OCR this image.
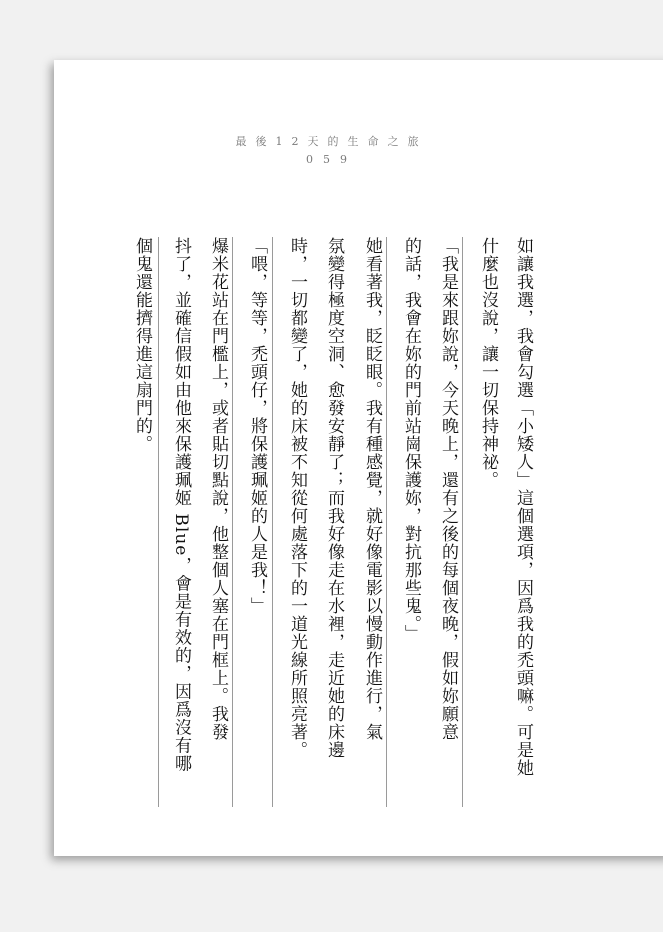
最後12天的生命之旅
059
如讓我選，我會勾選「小矮人」這個選項，因爲我的禿頭嘛。可是她
什麼也沒說，讓一切保持神祕。
「我是來跟妳說，今天晚上，還有之後的每個夜晚，假如妳願意
的話，我會在妳的門前站崗保護妳，對抗那些鬼。」
她看著我，眨眨眼。我有種感覺，就好像電影以慢動作進行，氣
氛變得極度空洞、愈發安靜了；而我好像走在水裡，走近她的床邊
時，一切都變了，她的床被不知從何處落下的一道光線所照亮著。
「喂，等等，禿頭仔，將保護珮姬的人是我！」
爆米花站在門檻上，或者貼切點說，他整個人塞在門框上。我發
抖了，並確信假如由他來保護珮姬 Blue，會是有效的，因爲沒有哪
個鬼還能擠得進這扇門的。
